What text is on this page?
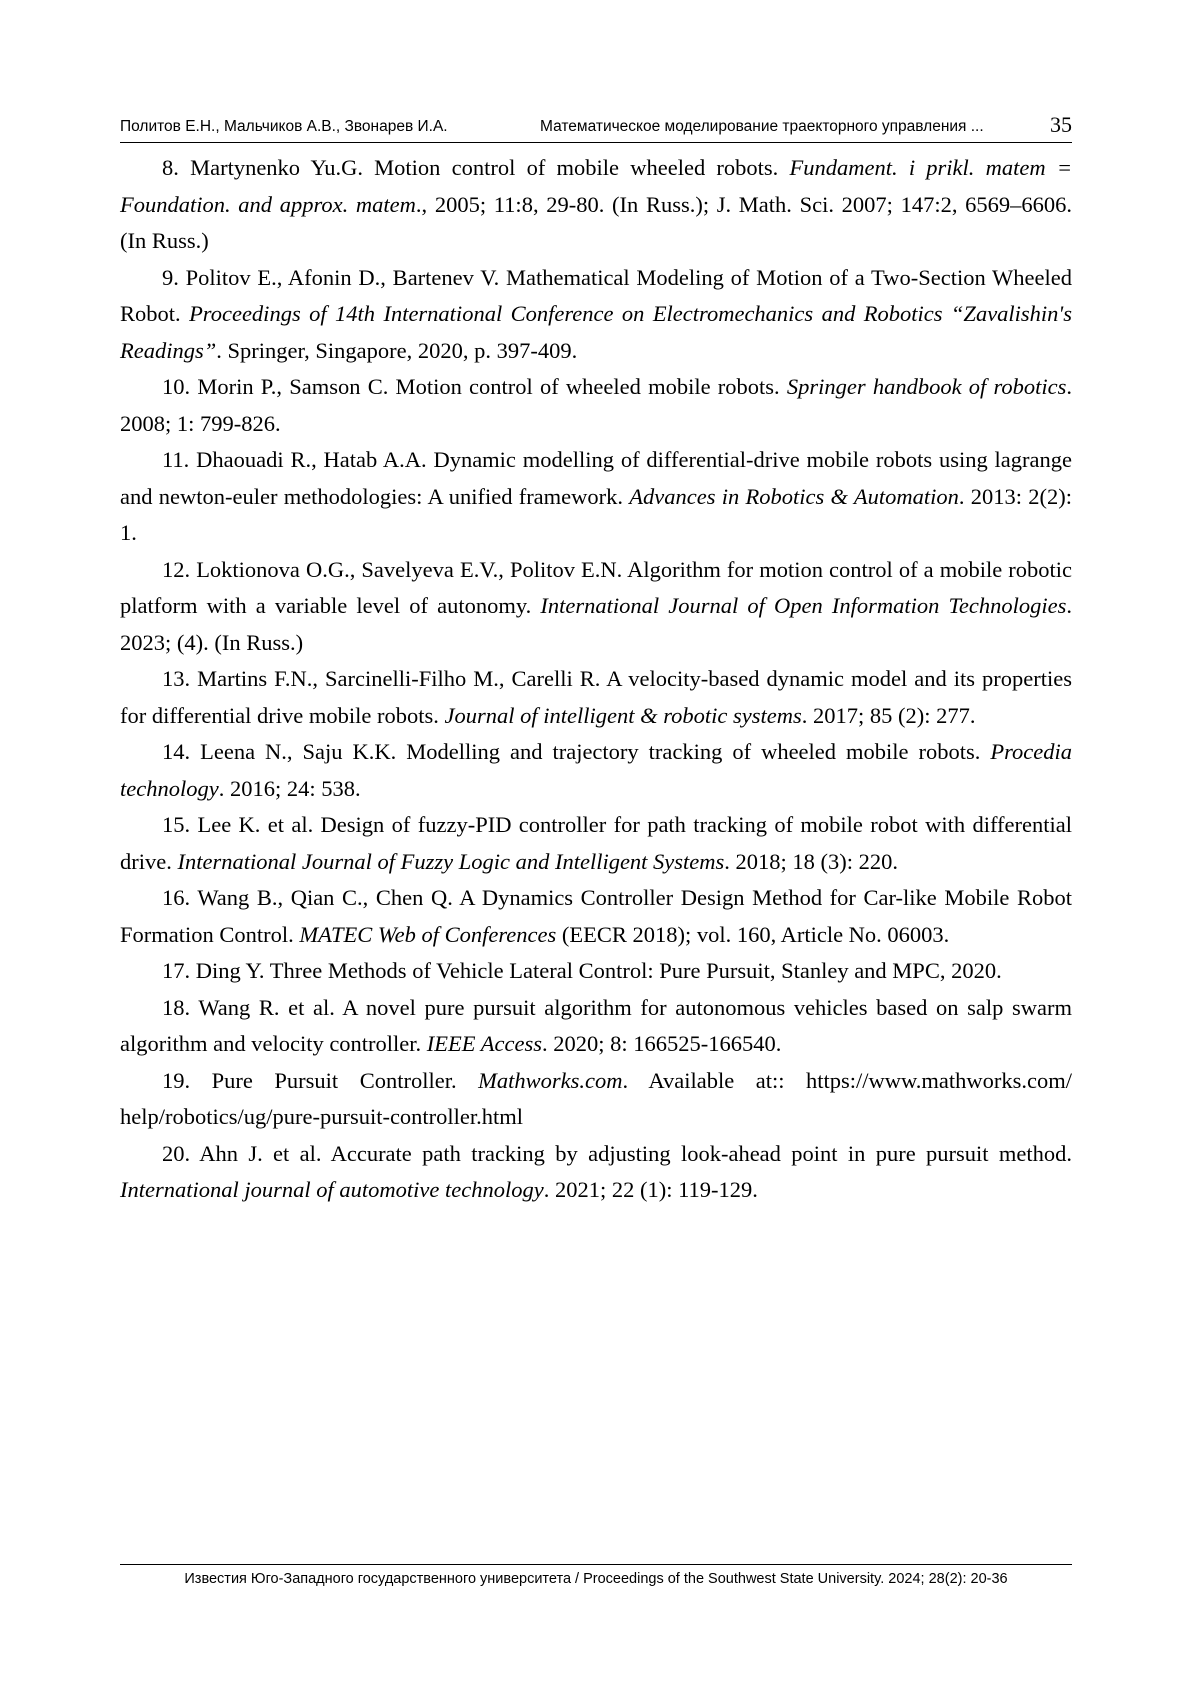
Политов Е.Н., Мальчиков А.В., Звонарев И.А.	Математическое моделирование траекторного управления ...	35

8. Martynenko Yu.G. Motion control of mobile wheeled robots. Fundament. i prikl. matem = Foundation. and approx. matem., 2005; 11:8, 29-80. (In Russ.); J. Math. Sci. 2007; 147:2, 6569–6606. (In Russ.)

9. Politov E., Afonin D., Bartenev V. Mathematical Modeling of Motion of a Two-Section Wheeled Robot. Proceedings of 14th International Conference on Electromechanics and Robotics “Zavalishin's Readings”. Springer, Singapore, 2020, p. 397-409.

10. Morin P., Samson C. Motion control of wheeled mobile robots. Springer handbook of robotics. 2008; 1: 799-826.

11. Dhaouadi R., Hatab A.A. Dynamic modelling of differential-drive mobile robots using lagrange and newton-euler methodologies: A unified framework. Advances in Robotics & Automation. 2013: 2(2): 1.

12. Loktionova O.G., Savelyeva E.V., Politov E.N. Algorithm for motion control of a mobile robotic platform with a variable level of autonomy. International Journal of Open Information Technologies. 2023; (4). (In Russ.)

13. Martins F.N., Sarcinelli-Filho M., Carelli R. A velocity-based dynamic model and its properties for differential drive mobile robots. Journal of intelligent & robotic systems. 2017; 85 (2): 277.

14. Leena N., Saju K.K. Modelling and trajectory tracking of wheeled mobile robots. Procedia technology. 2016; 24: 538.

15. Lee K. et al. Design of fuzzy-PID controller for path tracking of mobile robot with differential drive. International Journal of Fuzzy Logic and Intelligent Systems. 2018; 18 (3): 220.

16. Wang B., Qian C., Chen Q. A Dynamics Controller Design Method for Car-like Mobile Robot Formation Control. MATEC Web of Conferences (EECR 2018); vol. 160, Article No. 06003.

17. Ding Y. Three Methods of Vehicle Lateral Control: Pure Pursuit, Stanley and MPC, 2020.

18. Wang R. et al. A novel pure pursuit algorithm for autonomous vehicles based on salp swarm algorithm and velocity controller. IEEE Access. 2020; 8: 166525-166540.

19. Pure Pursuit Controller. Mathworks.com. Available at:: https://www.mathworks.com/ help/robotics/ug/pure-pursuit-controller.html

20. Ahn J. et al. Accurate path tracking by adjusting look-ahead point in pure pursuit method. International journal of automotive technology. 2021; 22 (1): 119-129.

Известия Юго-Западного государственного университета / Proceedings of the Southwest State University. 2024; 28(2): 20-36
